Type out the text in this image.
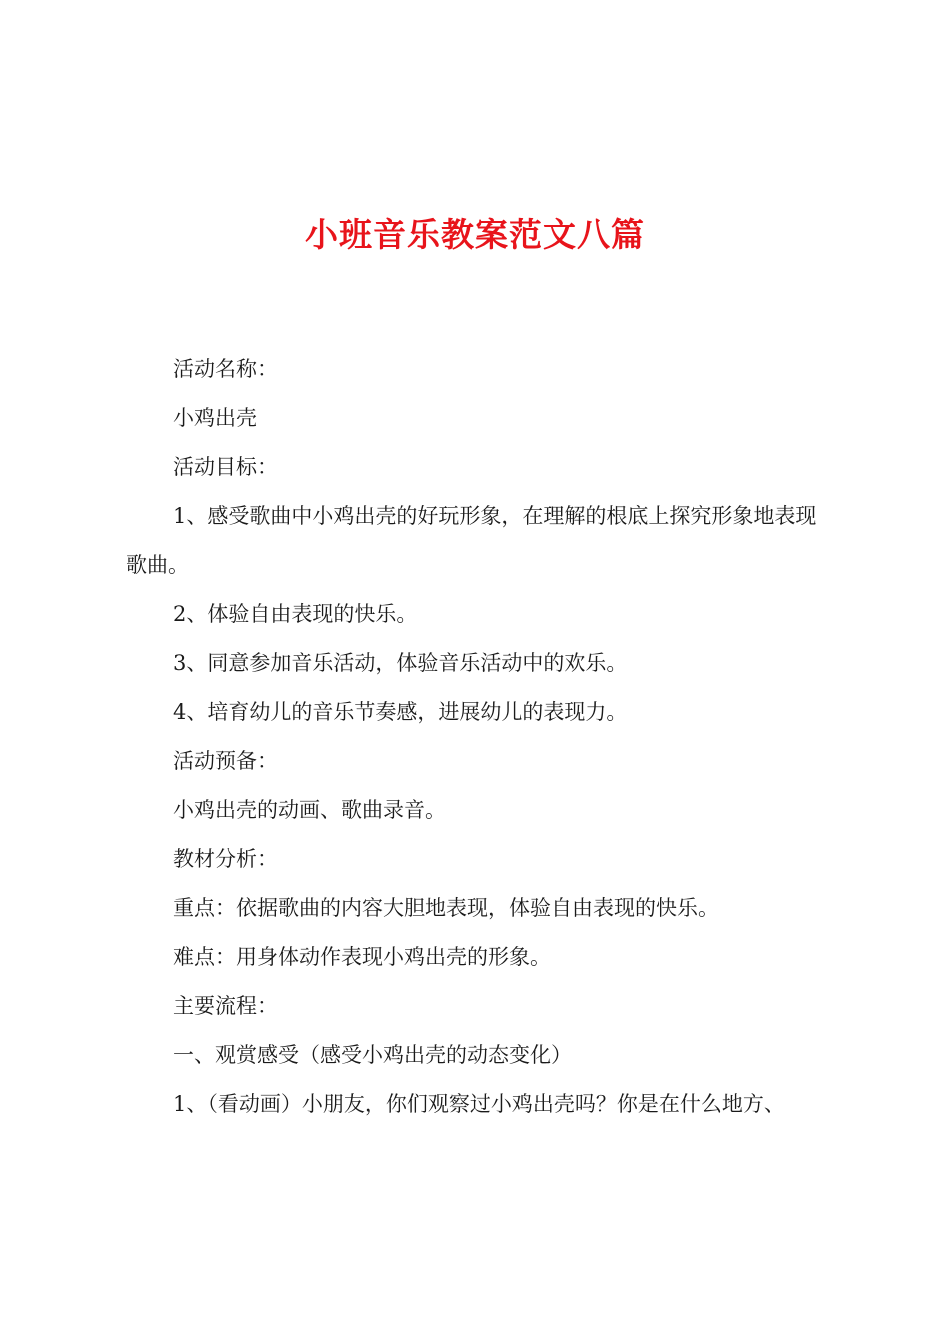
小班音乐教案范文八篇

活动名称：

小鸡出壳

活动目标：

1、感受歌曲中小鸡出壳的好玩形象，在理解的根底上探究形象地表现歌曲。

2、体验自由表现的快乐。

3、同意参加音乐活动，体验音乐活动中的欢乐。

4、培育幼儿的音乐节奏感，进展幼儿的表现力。

活动预备：

小鸡出壳的动画、歌曲录音。

教材分析：

重点：依据歌曲的内容大胆地表现，体验自由表现的快乐。

难点：用身体动作表现小鸡出壳的形象。

主要流程：

一、观赏感受（感受小鸡出壳的动态变化）

1、（看动画）小朋友，你们观察过小鸡出壳吗？你是在什么地方、
